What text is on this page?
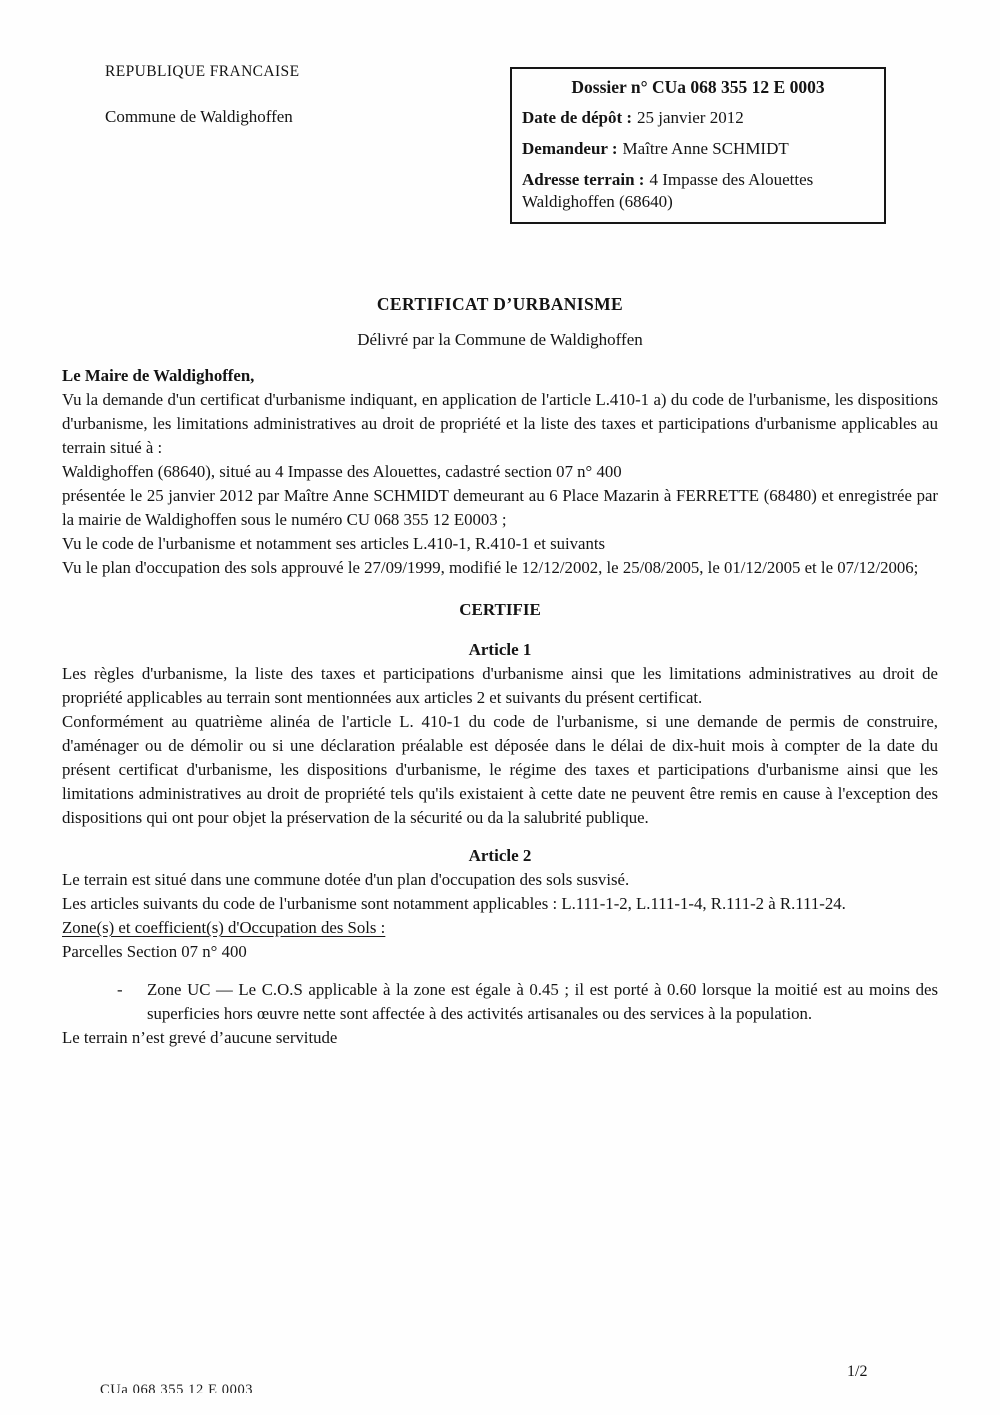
REPUBLIQUE FRANCAISE
Commune de Waldighoffen
Dossier n° CUa 068 355 12 E 0003
Date de dépôt : 25 janvier 2012
Demandeur : Maître Anne SCHMIDT
Adresse terrain : 4 Impasse des Alouettes Waldighoffen (68640)
CERTIFICAT D’URBANISME
Délivré par la Commune de Waldighoffen
Le Maire de Waldighoffen,

Vu la demande d'un certificat d'urbanisme indiquant, en application de l'article L.410-1 a) du code de l'urbanisme, les dispositions d'urbanisme, les limitations administratives au droit de propriété et la liste des taxes et participations d'urbanisme applicables au terrain situé à :

Waldighoffen (68640), situé au 4 Impasse des Alouettes, cadastré section 07 n° 400

présentée le 25 janvier 2012 par Maître Anne SCHMIDT demeurant au 6 Place Mazarin à FERRETTE (68480) et enregistrée par la mairie de Waldighoffen sous le numéro CU 068 355 12 E0003 ;

Vu le code de l'urbanisme et notamment ses articles L.410-1, R.410-1 et suivants

Vu le plan d'occupation des sols approuvé le 27/09/1999, modifié le 12/12/2002, le 25/08/2005, le 01/12/2005 et le 07/12/2006;

CERTIFIE

Article 1

Les règles d'urbanisme, la liste des taxes et participations d'urbanisme ainsi que les limitations administratives au droit de propriété applicables au terrain sont mentionnées aux articles 2 et suivants du présent certificat.

Conformément au quatrième alinéa de l'article L. 410-1 du code de l'urbanisme, si une demande de permis de construire, d'aménager ou de démolir ou si une déclaration préalable est déposée dans le délai de dix-huit mois à compter de la date du présent certificat d'urbanisme, les dispositions d'urbanisme, le régime des taxes et participations d'urbanisme ainsi que les limitations administratives au droit de propriété tels qu'ils existaient à cette date ne peuvent être remis en cause à l'exception des dispositions qui ont pour objet la préservation de la sécurité ou da la salubrité publique.

Article 2

Le terrain est situé dans une commune dotée d'un plan d'occupation des sols susvisé.

Les articles suivants du code de l'urbanisme sont notamment applicables : L.111-1-2, L.111-1-4, R.111-2 à R.111-24.

Zone(s) et coefficient(s) d'Occupation des Sols :

Parcelles Section 07 n° 400

-	Zone UC — Le C.O.S applicable à la zone est égale à 0.45 ; il est porté à 0.60 lorsque la moitié est au moins des superficies hors œuvre nette sont affectée à des activités artisanales ou des services à la population.

Le terrain n’est grevé d’aucune servitude

1/2
CUa 068 355 12 E 0003
